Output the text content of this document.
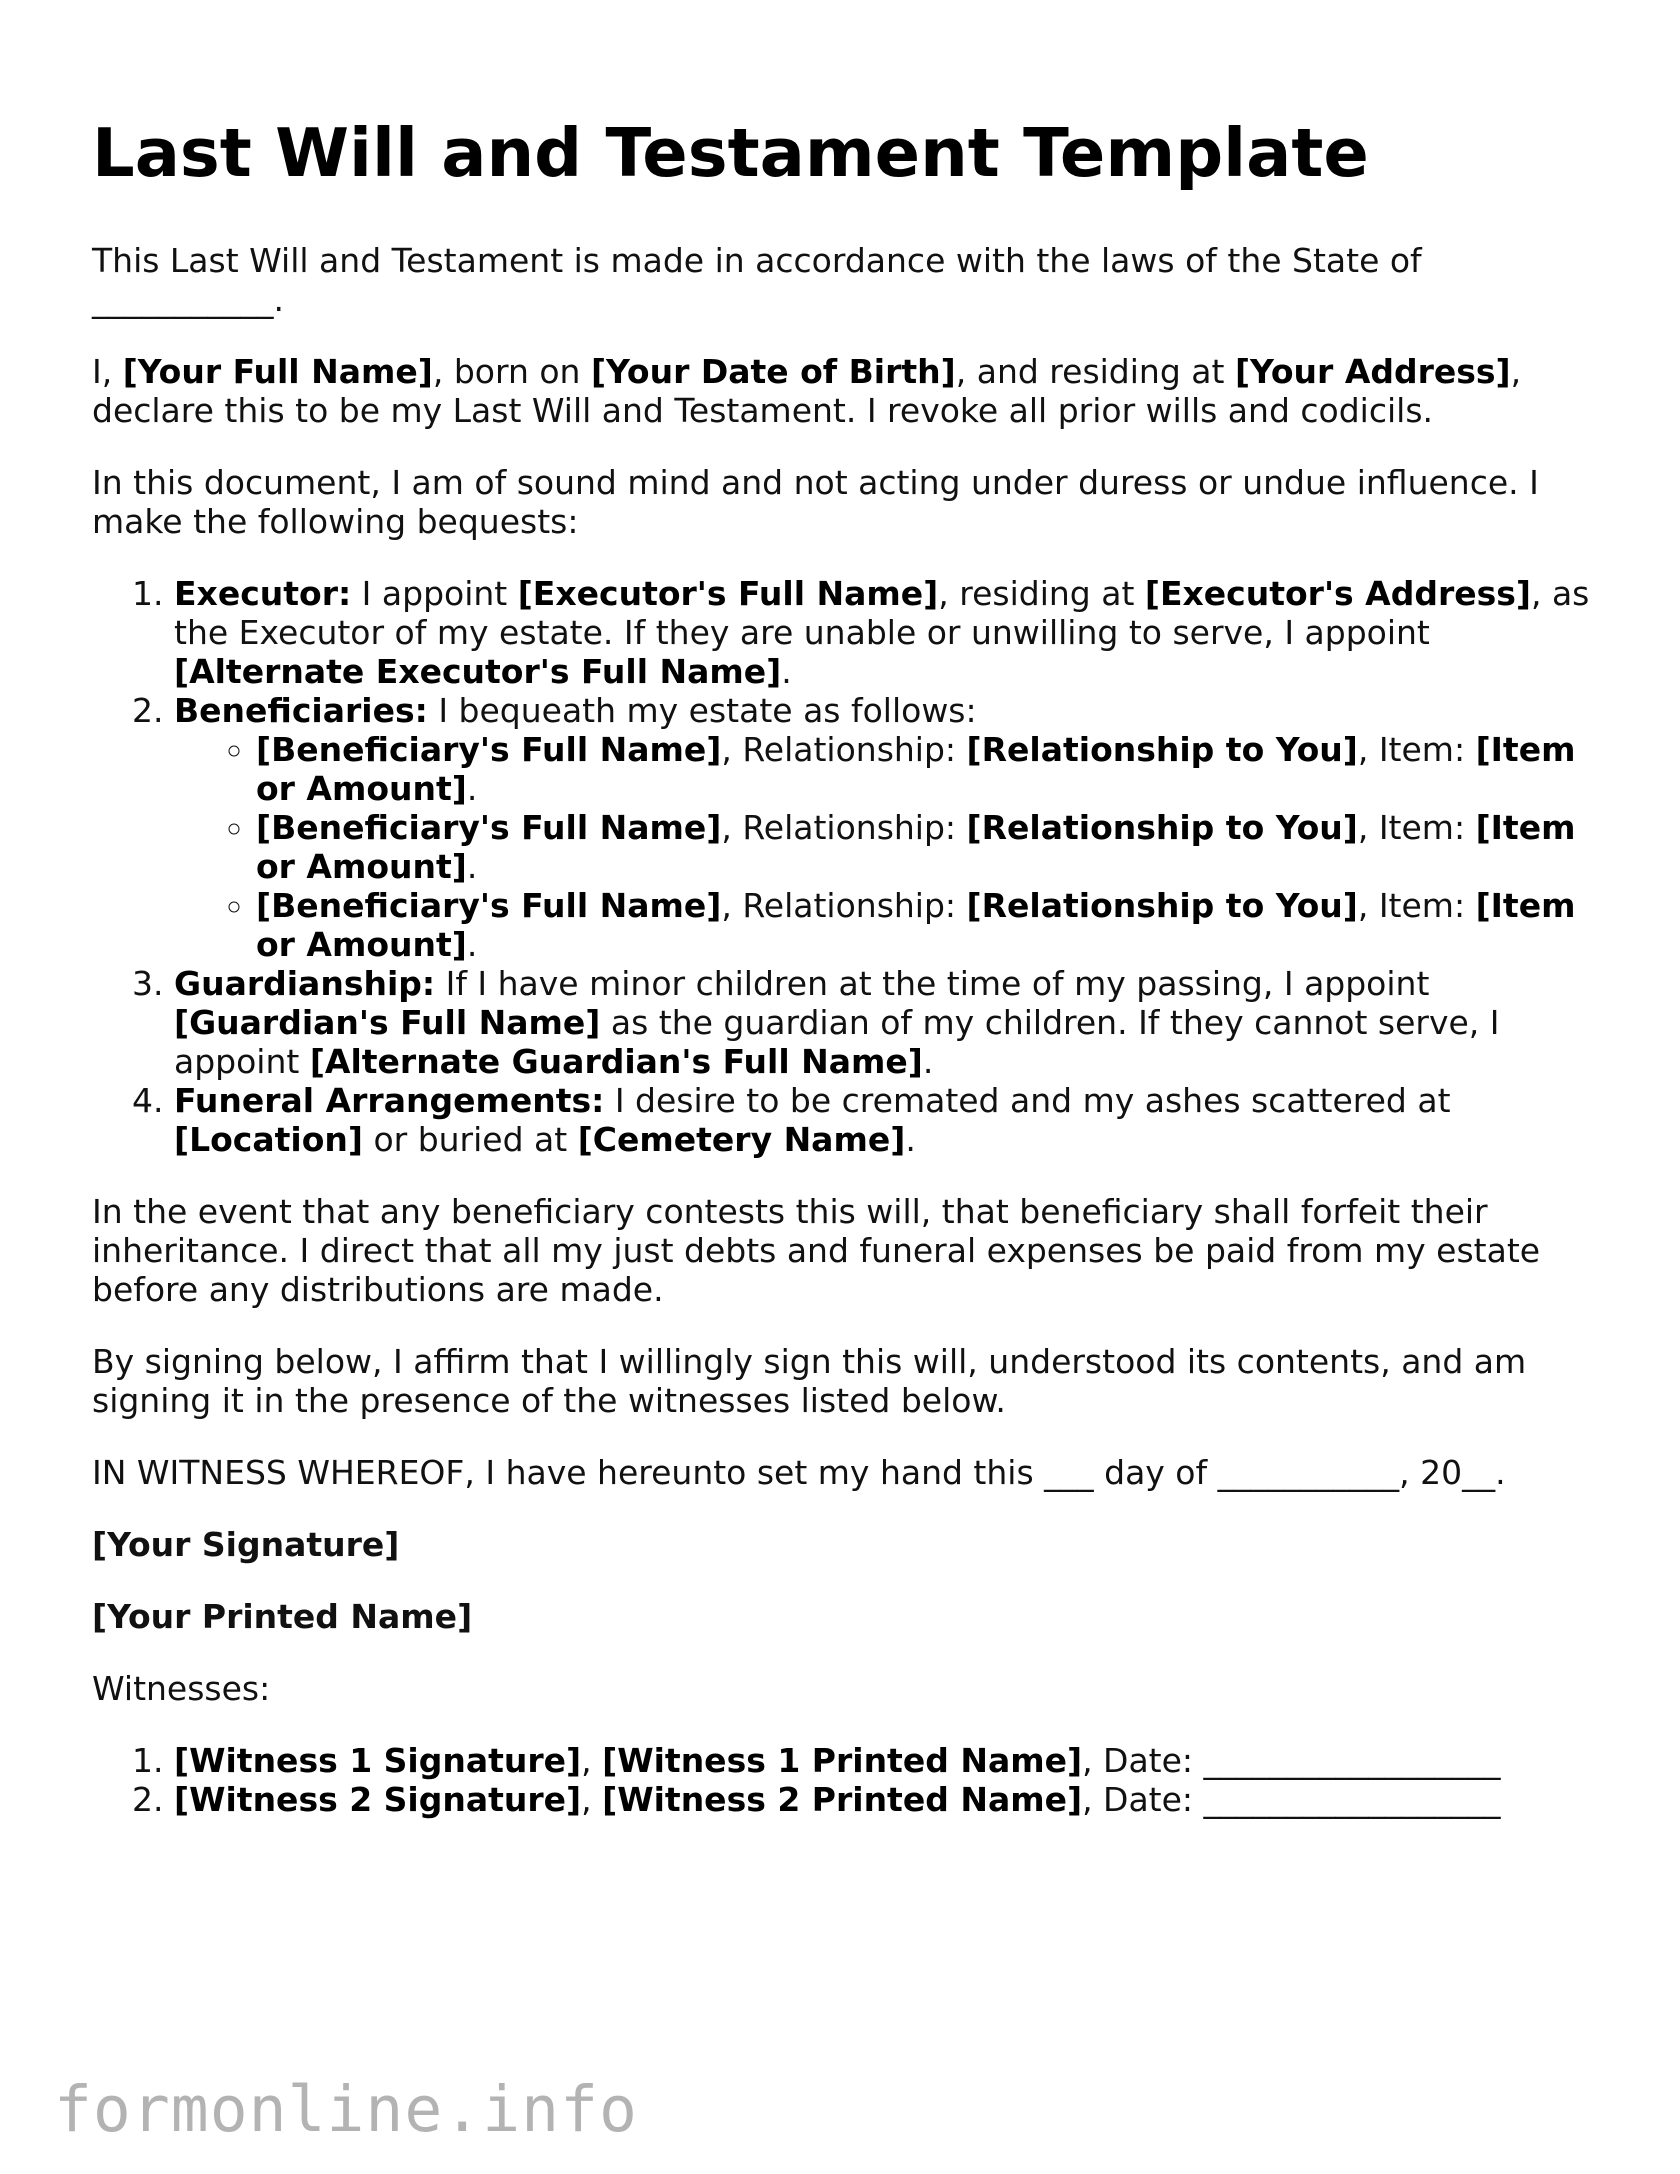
Last Will and Testament Template

This Last Will and Testament is made in accordance with the laws of the State of
___________.

I, [Your Full Name], born on [Your Date of Birth], and residing at [Your Address], declare this to be my Last Will and Testament. I revoke all prior wills and codicils.

In this document, I am of sound mind and not acting under duress or undue influence. I make the following bequests:

1. Executor: I appoint [Executor's Full Name], residing at [Executor's Address], as the Executor of my estate. If they are unable or unwilling to serve, I appoint [Alternate Executor's Full Name].
2. Beneficiaries: I bequeath my estate as follows:
◦ [Beneficiary's Full Name], Relationship: [Relationship to You], Item: [Item or Amount].
◦ [Beneficiary's Full Name], Relationship: [Relationship to You], Item: [Item or Amount].
◦ [Beneficiary's Full Name], Relationship: [Relationship to You], Item: [Item or Amount].
3. Guardianship: If I have minor children at the time of my passing, I appoint [Guardian's Full Name] as the guardian of my children. If they cannot serve, I appoint [Alternate Guardian's Full Name].
4. Funeral Arrangements: I desire to be cremated and my ashes scattered at [Location] or buried at [Cemetery Name].

In the event that any beneficiary contests this will, that beneficiary shall forfeit their inheritance. I direct that all my just debts and funeral expenses be paid from my estate before any distributions are made.

By signing below, I affirm that I willingly sign this will, understood its contents, and am signing it in the presence of the witnesses listed below.

IN WITNESS WHEREOF, I have hereunto set my hand this ___ day of ___________, 20__.

[Your Signature]

[Your Printed Name]

Witnesses:

1. [Witness 1 Signature], [Witness 1 Printed Name], Date: __________________
2. [Witness 2 Signature], [Witness 2 Printed Name], Date: __________________
formonline.info
